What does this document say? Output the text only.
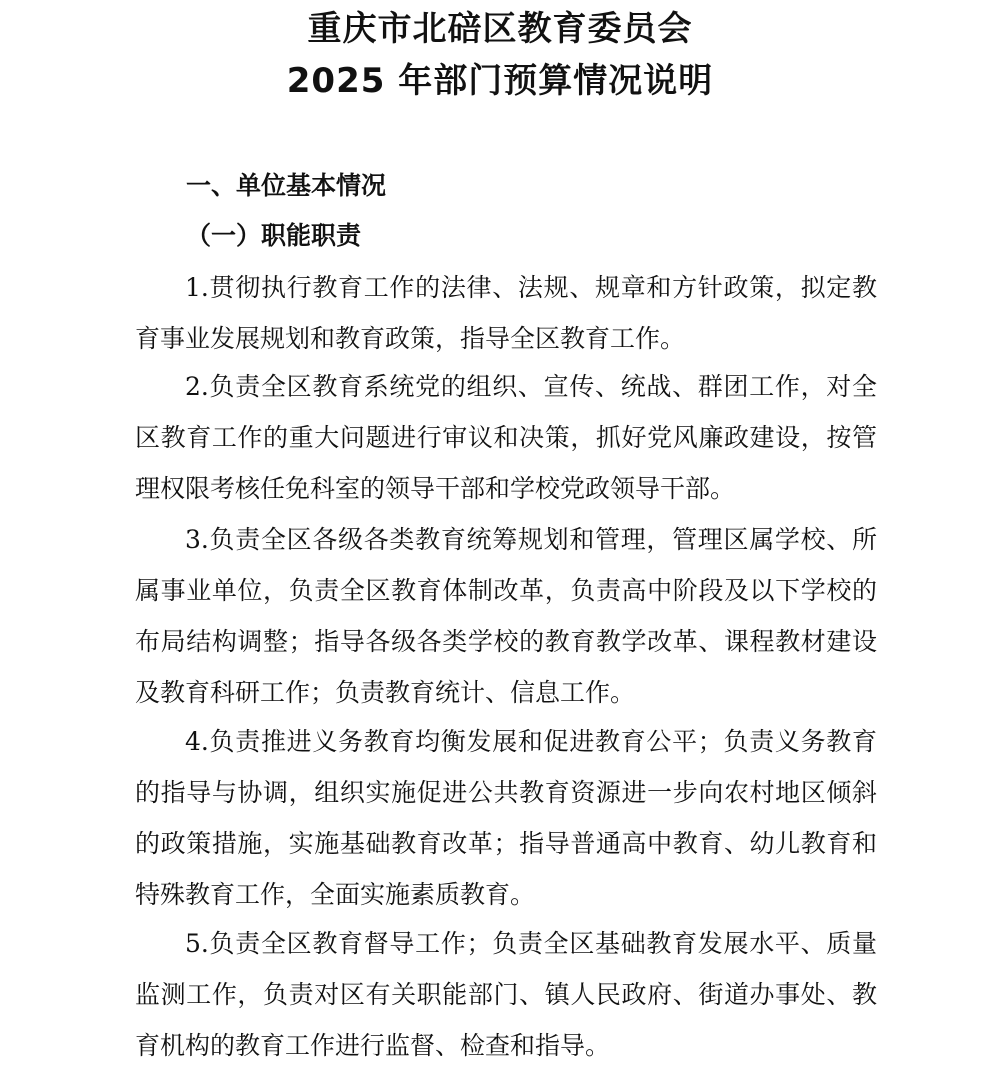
重庆市北碚区教育委员会
2025 年部门预算情况说明
一、单位基本情况
（一）职能职责

1.贯彻执行教育工作的法律、法规、规章和方针政策，拟定教育事业发展规划和教育政策，指导全区教育工作。

2.负责全区教育系统党的组织、宣传、统战、群团工作，对全区教育工作的重大问题进行审议和决策，抓好党风廉政建设，按管理权限考核任免科室的领导干部和学校党政领导干部。

3.负责全区各级各类教育统筹规划和管理，管理区属学校、所属事业单位，负责全区教育体制改革，负责高中阶段及以下学校的布局结构调整；指导各级各类学校的教育教学改革、课程教材建设及教育科研工作；负责教育统计、信息工作。

4.负责推进义务教育均衡发展和促进教育公平；负责义务教育的指导与协调，组织实施促进公共教育资源进一步向农村地区倾斜的政策措施，实施基础教育改革；指导普通高中教育、幼儿教育和特殊教育工作，全面实施素质教育。

5.负责全区教育督导工作；负责全区基础教育发展水平、质量监测工作，负责对区有关职能部门、镇人民政府、街道办事处、教育机构的教育工作进行监督、检查和指导。
